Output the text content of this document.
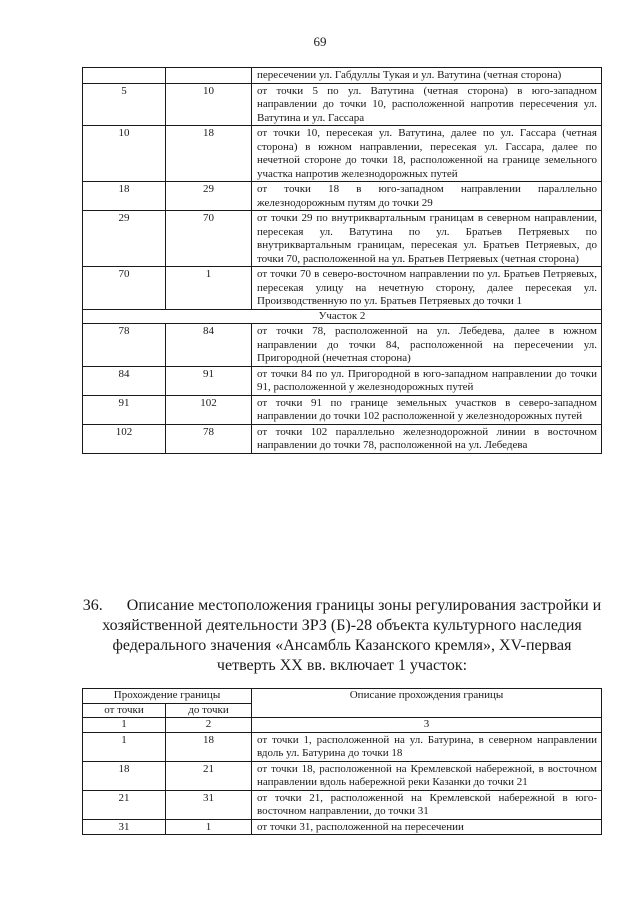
69
		пересечении ул. Габдуллы Тукая и ул. Ватутина (четная сторона)
5	10	от точки 5 по ул. Ватутина (четная сторона) в юго-западном направлении до точки 10, расположенной напротив пересечения ул. Ватутина и ул. Гассара
10	18	от точки 10, пересекая ул. Ватутина, далее по ул. Гассара (четная сторона) в южном направлении, пересекая ул. Гассара, далее по нечетной стороне до точки 18, расположенной на границе земельного участка напротив железнодорожных путей
18	29	от точки 18 в юго-западном направлении параллельно железнодорожным путям до точки 29
29	70	от точки 29 по внутриквартальным границам в северном направлении, пересекая ул. Ватутина по ул. Братьев Петряевых по внутриквартальным границам, пересекая ул. Братьев Петряевых, до точки 70, расположенной на ул. Братьев Петряевых (четная сторона)
70	1	от точки 70 в северо-восточном направлении по ул. Братьев Петряевых, пересекая улицу на нечетную сторону, далее пересекая ул. Производственную по ул. Братьев Петряевых до точки 1
Участок 2		
78	84	от точки 78, расположенной на ул. Лебедева, далее в южном направлении до точки 84, расположенной на пересечении ул. Пригородной (нечетная сторона)
84	91	от точки 84 по ул. Пригородной в юго-западном направлении до точки 91, расположенной у железнодорожных путей
91	102	от точки 91 по границе земельных участков в северо-западном направлении до точки 102 расположенной у железнодорожных путей
102	78	от точки 102 параллельно железнодорожной линии в восточном направлении до точки 78, расположенной на ул. Лебедева
36. Описание местоположения границы зоны регулирования застройки и хозяйственной деятельности ЗРЗ (Б)-28 объекта культурного наследия федерального значения «Ансамбль Казанского кремля», XV-первая четверть XX вв. включает 1 участок:
Прохождение границы		Описание прохождения границы
от точки	до точки	
1	2	3
1	18	от точки 1, расположенной на ул. Батурина, в северном направлении вдоль ул. Батурина до точки 18
18	21	от точки 18, расположенной на Кремлевской набережной, в восточном направлении вдоль набережной реки Казанки до точки 21
21	31	от точки 21, расположенной на Кремлевской набережной в юго-восточном направлении, до точки 31
31	1	от точки 31, расположенной на пересечении
